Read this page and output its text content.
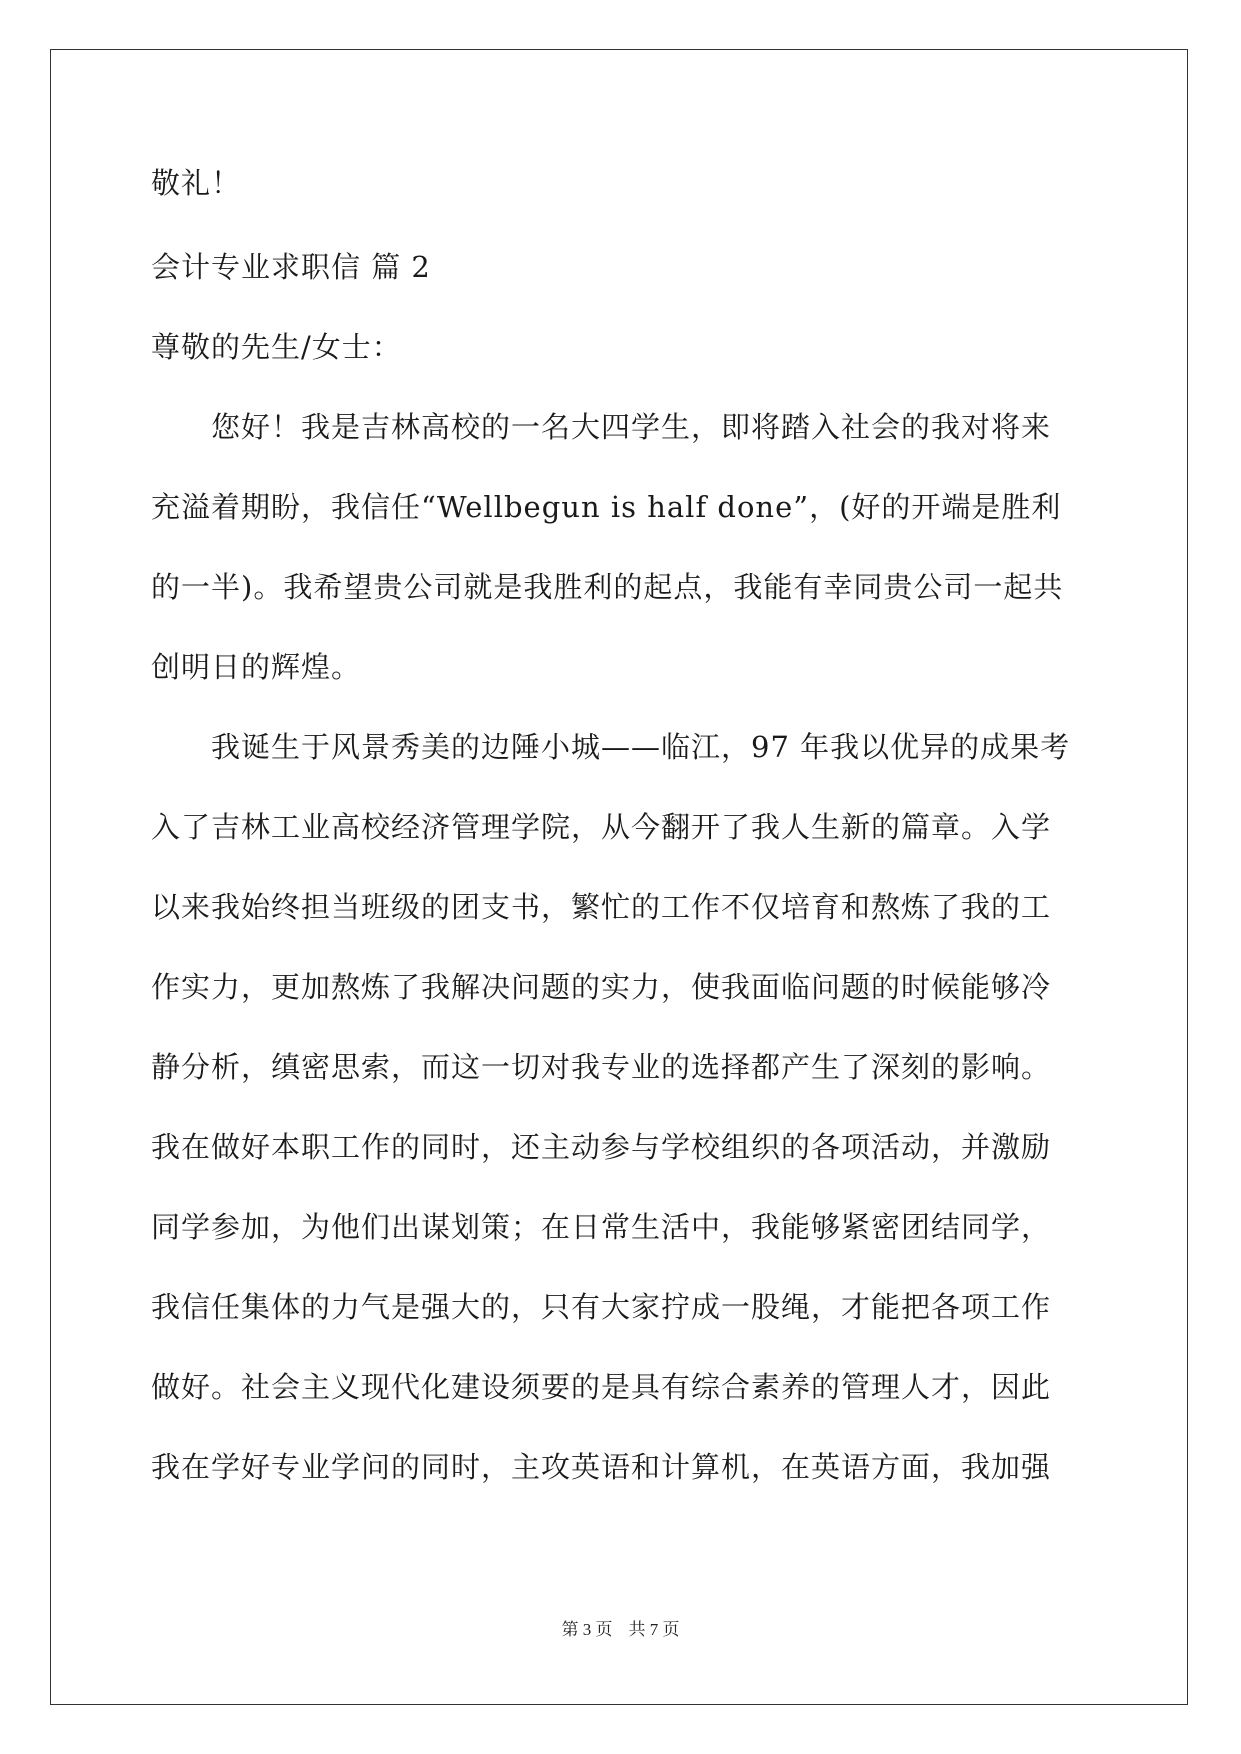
敬礼！
会计专业求职信 篇 2
尊敬的先生/女士：
　　您好！我是吉林高校的一名大四学生，即将踏入社会的我对将来
充溢着期盼，我信任“Wellbegun is half done”，(好的开端是胜利
的一半)。我希望贵公司就是我胜利的起点，我能有幸同贵公司一起共
创明日的辉煌。
　　我诞生于风景秀美的边陲小城——临江，97 年我以优异的成果考
入了吉林工业高校经济管理学院，从今翻开了我人生新的篇章。入学
以来我始终担当班级的团支书，繁忙的工作不仅培育和熬炼了我的工
作实力，更加熬炼了我解决问题的实力，使我面临问题的时候能够冷
静分析，缜密思索，而这一切对我专业的选择都产生了深刻的影响。
我在做好本职工作的同时，还主动参与学校组织的各项活动，并激励
同学参加，为他们出谋划策；在日常生活中，我能够紧密团结同学，
我信任集体的力气是强大的，只有大家拧成一股绳，才能把各项工作
做好。社会主义现代化建设须要的是具有综合素养的管理人才，因此
我在学好专业学问的同时，主攻英语和计算机，在英语方面，我加强
第 3 页 共 7 页
